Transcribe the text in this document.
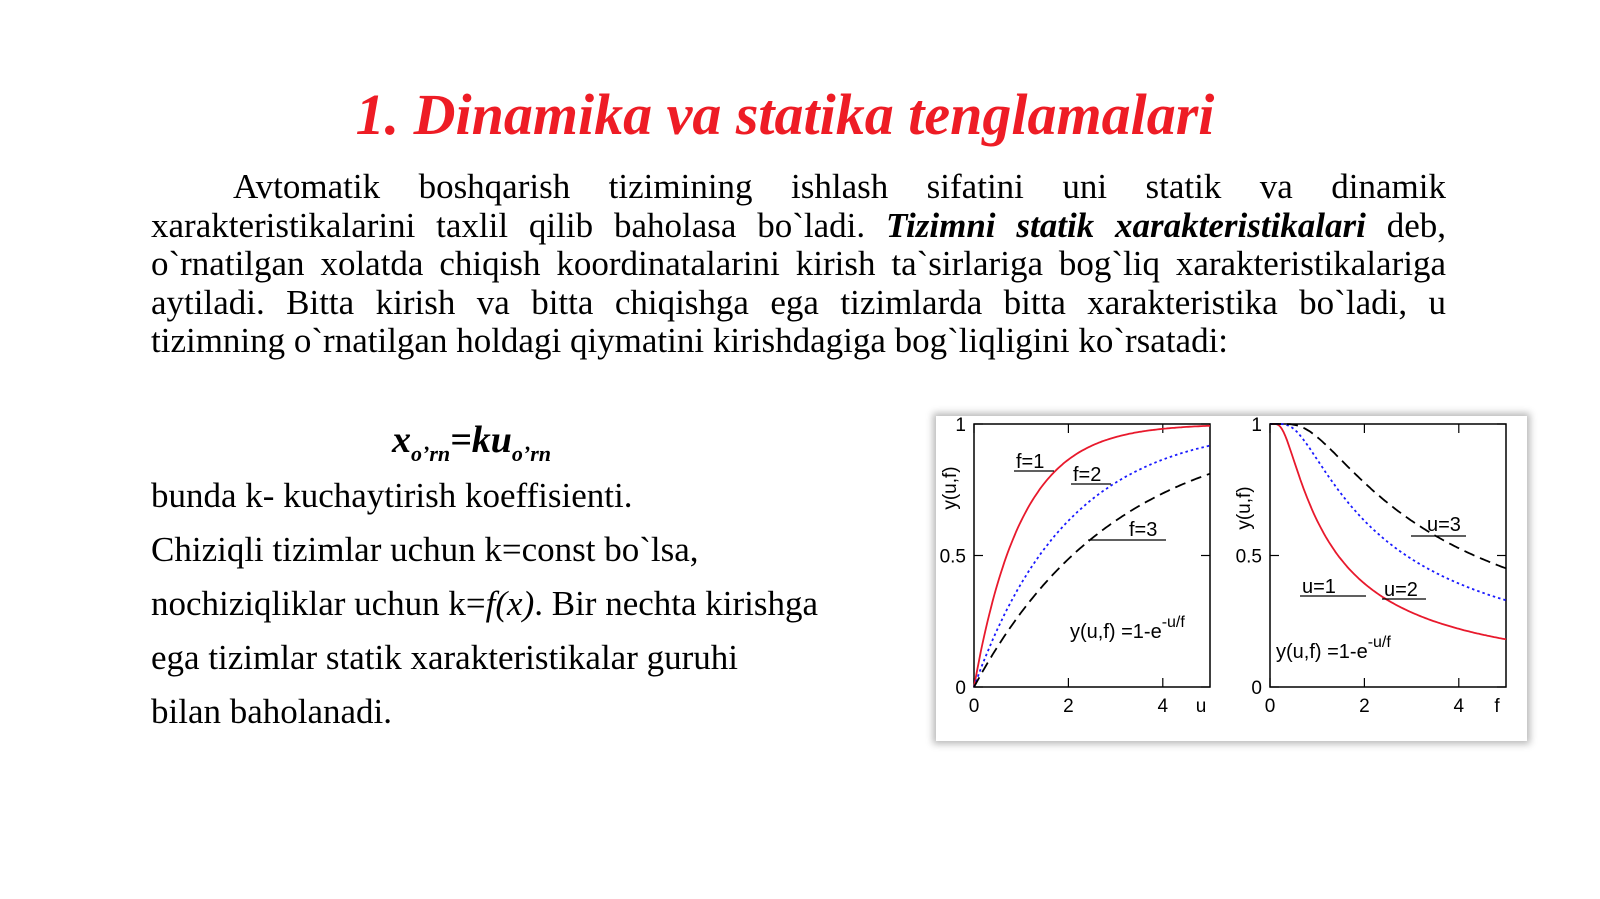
1. Dinamika va statika tenglamalari

Avtomatik boshqarish tizimining ishlash sifatini uni statik va dinamik xarakteristikalarini taxlil qilib baholasa bo`ladi. Tizimni statik xarakteristikalari deb, o`rnatilgan xolatda chiqish koordinatalarini kirish ta`sirlariga bog`liq xarakteristikalariga aytiladi. Bitta kirish va bitta chiqishga ega tizimlarda bitta xarakteristika bo`ladi, u tizimning o`rnatilgan holdagi qiymatini kirishdagiga bog`liqligini ko`rsatadi:

$x_{o’rn}=ku_{o’rn}$
bunda k- kuchaytirish koeffisienti.
Chiziqli tizimlar uchun k=const bo`lsa,
nochiziqliklar uchun k=f(x). Bir nechta kirishga
ega tizimlar statik xarakteristikalar guruhi
bilan baholanadi.	0	2	4
0
0.5
1
u
y(u,f)
f=1
f=2
f=3
$y(u,f) =1-e^{-u/f}$
0	2	4
0
0.5
1
f
y(u,f)
u=1 u=2
u=3
$y(u,f) =1-e^{-u/f}$
